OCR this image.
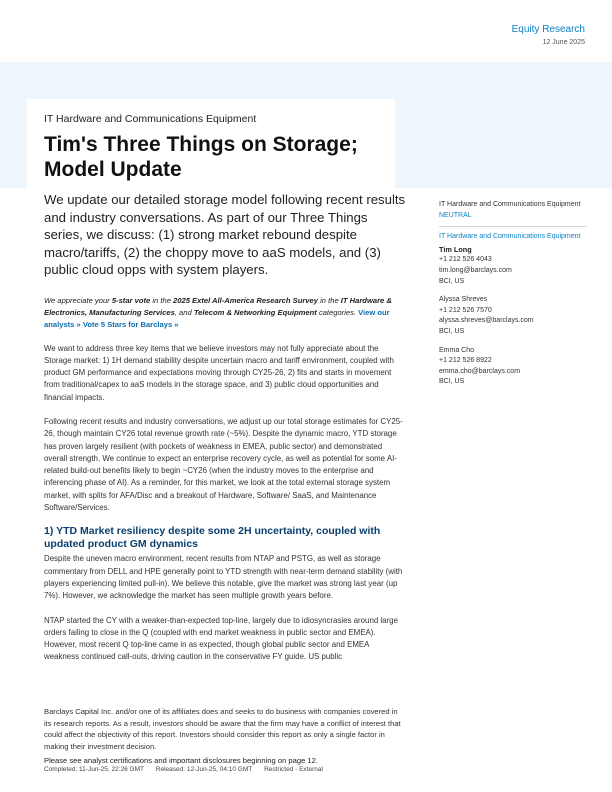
Equity Research
12 June 2025
IT Hardware and Communications Equipment
Tim's Three Things on Storage;
Model Update
We update our detailed storage model following recent results and industry conversations. As part of our Three Things series, we discuss: (1) strong market rebound despite macro/tariffs, (2) the choppy move to aaS models, and (3) public cloud opps with system players.
We appreciate your 5-star vote in the 2025 Extel All-America Research Survey in the IT Hardware & Electronics, Manufacturing Services, and Telecom & Networking Equipment categories. View our analysts » Vote 5 Stars for Barclays »
We want to address three key items that we believe investors may not fully appreciate about the Storage market: 1) 1H demand stability despite uncertain macro and tariff environment, coupled with product GM performance and expectations moving through CY25-26, 2) fits and starts in movement from traditional/capex to aaS models in the storage space, and 3) public cloud opportunities and financial impacts.
Following recent results and industry conversations, we adjust up our total storage estimates for CY25-26, though maintain CY26 total revenue growth rate (~5%). Despite the dynamic macro, YTD storage has proven largely resilient (with pockets of weakness in EMEA, public sector) and demonstrated overall strength. We continue to expect an enterprise recovery cycle, as well as potential for some AI-related build-out benefits likely to begin ~CY26 (when the industry moves to the enterprise and inferencing phase of AI). As a reminder, for this market, we look at the total external storage system market, with splits for AFA/Disc and a breakout of Hardware, Software/ SaaS, and Maintenance Software/Services.
1) YTD Market resiliency despite some 2H uncertainty, coupled with updated product GM dynamics
Despite the uneven macro environment, recent results from NTAP and PSTG, as well as storage commentary from DELL and HPE generally point to YTD strength with near-term demand stability (with players experiencing limited pull-in). We believe this notable, give the market was strong last year (up 7%). However, we acknowledge the market has seen multiple growth years before.
NTAP started the CY with a weaker-than-expected top-line, largely due to idiosyncrasies around large orders failing to close in the Q (coupled with end market weakness in public sector and EMEA). However, most recent Q top-line came in as expected, though global public sector and EMEA weakness continued call-outs, driving caution in the conservative FY guide. US public
IT Hardware and Communications Equipment
NEUTRAL
IT Hardware and Communications Equipment
Tim Long
+1 212 526 4043
tim.long@barclays.com
BCI, US
Alyssa Shreves
+1 212 526 7570
alyssa.shreves@barclays.com
BCI, US
Emma Cho
+1 212 526 8922
emma.cho@barclays.com
BCI, US
Barclays Capital Inc. and/or one of its affiliates does and seeks to do business with companies covered in its research reports. As a result, investors should be aware that the firm may have a conflict of interest that could affect the objectivity of this report. Investors should consider this report as only a single factor in making their investment decision.
Please see analyst certifications and important disclosures beginning on page 12.
Completed: 11-Jun-25, 22:26 GMT Released: 12-Jun-25, 04:10 GMT Restricted - External
